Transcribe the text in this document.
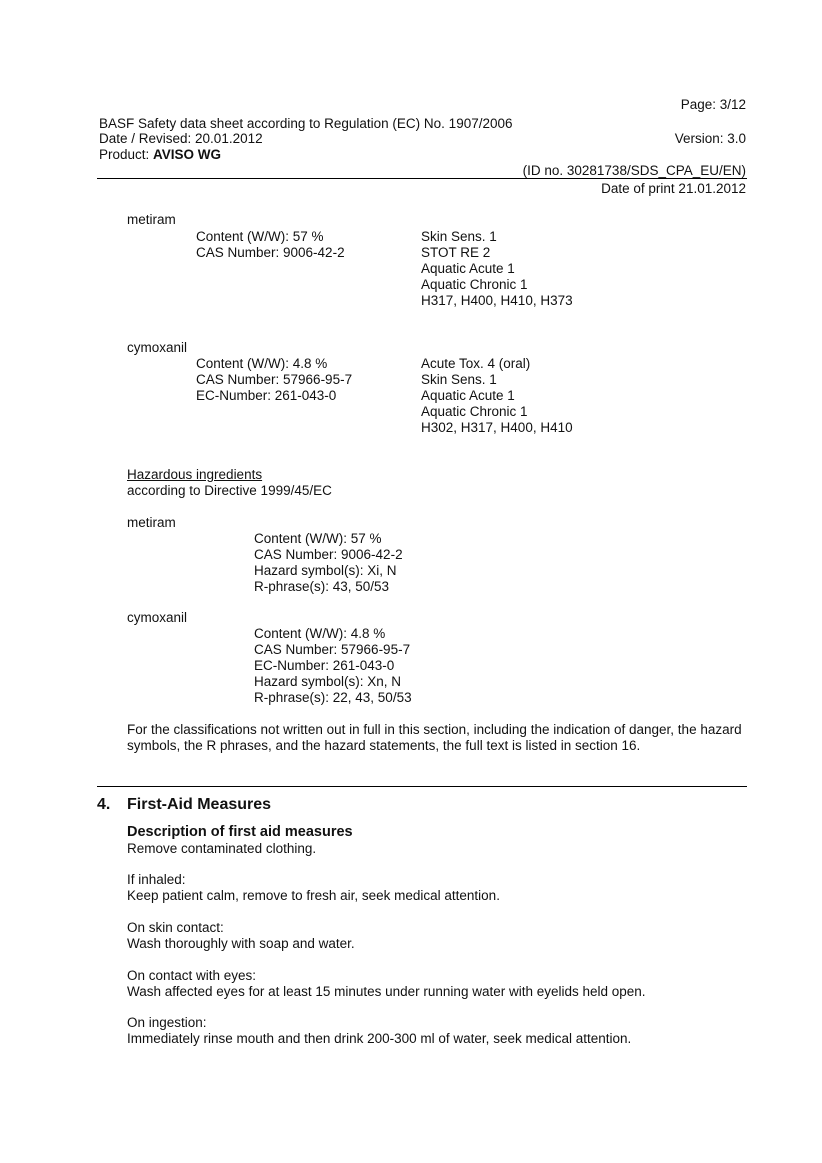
Page: 3/12
BASF Safety data sheet according to Regulation (EC) No. 1907/2006
Date / Revised: 20.01.2012	Version: 3.0
Product: AVISO WG
(ID no. 30281738/SDS_CPA_EU/EN)
Date of print 21.01.2012
metiram
Content (W/W): 57 %
CAS Number: 9006-42-2
Skin Sens. 1
STOT RE 2
Aquatic Acute 1
Aquatic Chronic 1
H317, H400, H410, H373
cymoxanil
Content (W/W): 4.8 %
CAS Number: 57966-95-7
EC-Number: 261-043-0
Acute Tox. 4 (oral)
Skin Sens. 1
Aquatic Acute 1
Aquatic Chronic 1
H302, H317, H400, H410
Hazardous ingredients
according to Directive 1999/45/EC
metiram
Content (W/W): 57 %
CAS Number: 9006-42-2
Hazard symbol(s): Xi, N
R-phrase(s): 43, 50/53
cymoxanil
Content (W/W): 4.8 %
CAS Number: 57966-95-7
EC-Number: 261-043-0
Hazard symbol(s): Xn, N
R-phrase(s): 22, 43, 50/53
For the classifications not written out in full in this section, including the indication of danger, the hazard symbols, the R phrases, and the hazard statements, the full text is listed in section 16.
4. First-Aid Measures
Description of first aid measures
Remove contaminated clothing.
If inhaled:
Keep patient calm, remove to fresh air, seek medical attention.
On skin contact:
Wash thoroughly with soap and water.
On contact with eyes:
Wash affected eyes for at least 15 minutes under running water with eyelids held open.
On ingestion:
Immediately rinse mouth and then drink 200-300 ml of water, seek medical attention.
